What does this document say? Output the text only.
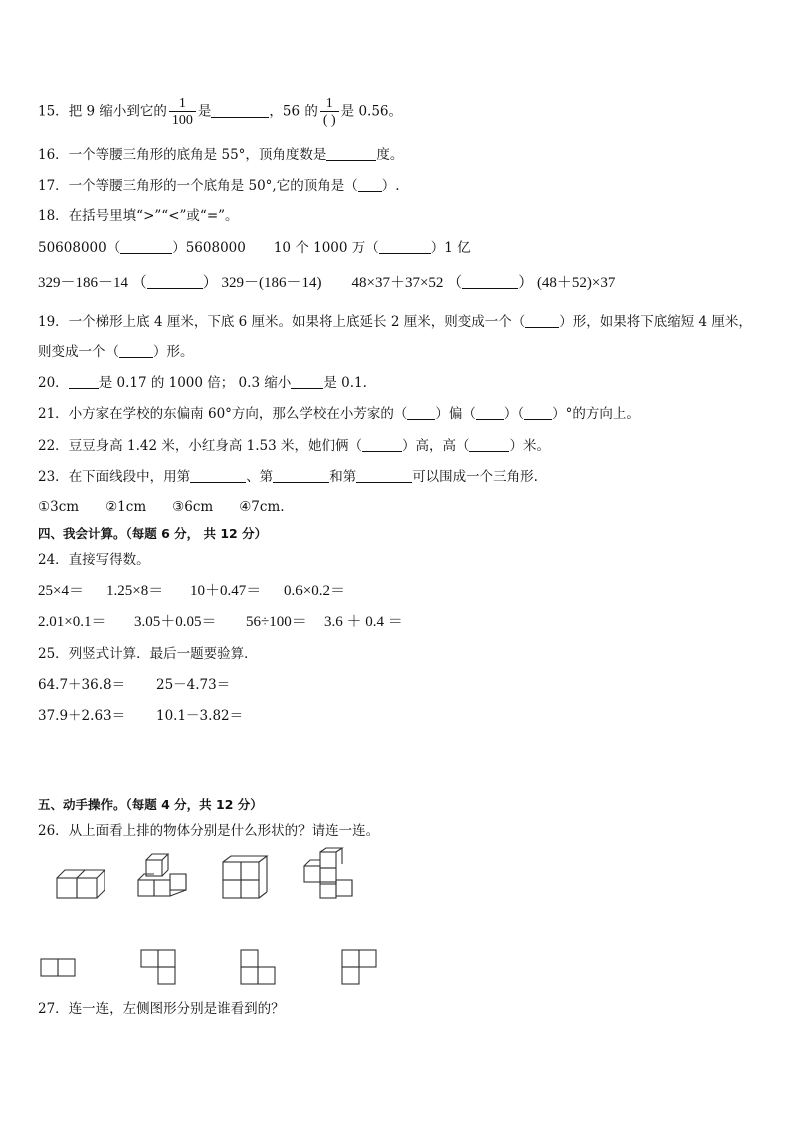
15．把 9 缩小到它的 $\frac{1}{100}$ 是	，56 的 $\frac{1}{( )}$ 是 0.56。
16．一个等腰三角形的底角是 55°，顶角度数是	度。
17．一个等腰三角形的一个底角是 50°,它的顶角是（ ）.
18．在括号里填“>”“<”或“=”。
50608000（	）5608000 10 个 1000 万（	）1 亿
329－186－14 （	） 329－(186－14) 48×37＋37×52 （	） (48＋52)×37
19．一个梯形上底 4 厘米，下底 6 厘米。如果将上底延长 2 厘米，则变成一个（	）形，如果将下底缩短 4 厘米，
则变成一个（	）形。
20． 是 0.17 的 1000 倍； 0.3 缩小 是 0.1.
21．小方家在学校的东偏南 60°方向，那么学校在小芳家的（ ）偏（ ）（ ）°的方向上。
22．豆豆身高 1.42 米，小红身高 1.53 米，她们俩（	）高，高（	）米。
23．在下面线段中，用第	、第	和第	可以围成一个三角形.
①3cm ②1cm ③6cm ④7cm.
四、我会计算。（每题 6 分， 共 12 分）
24．直接写得数。
25×4＝ 1.25×8＝ 10＋0.47＝ 0.6×0.2＝
2.01×0.1＝ 3.05＋0.05＝ 56÷100＝ 3.6 ＋ 0.4 ＝
25．列竖式计算．最后一题要验算．
64.7＋36.8＝ 25－4.73＝
37.9＋2.63＝ 10.1－3.82＝
五、动手操作。（每题 4 分，共 12 分）
26．从上面看上排的物体分别是什么形状的？请连一连。
27．连一连，左侧图形分别是谁看到的？
